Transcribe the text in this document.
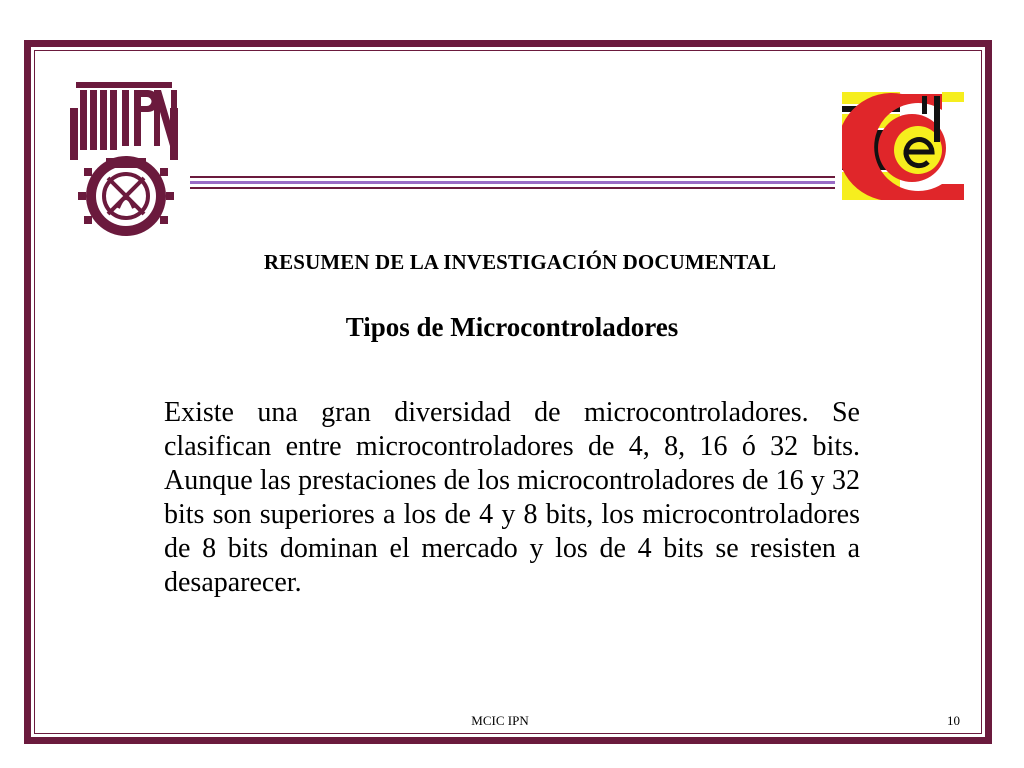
RESUMEN DE LA INVESTIGACIÓN DOCUMENTAL
Tipos de Microcontroladores

Existe una gran diversidad de microcontroladores. Se clasifican entre microcontroladores de 4, 8, 16 ó 32 bits. Aunque las prestaciones de los microcontroladores de 16 y 32 bits son superiores a los de 4 y 8 bits, los microcontroladores de 8 bits dominan el mercado y los de 4 bits se resisten a desaparecer.

MCIC IPN	10
